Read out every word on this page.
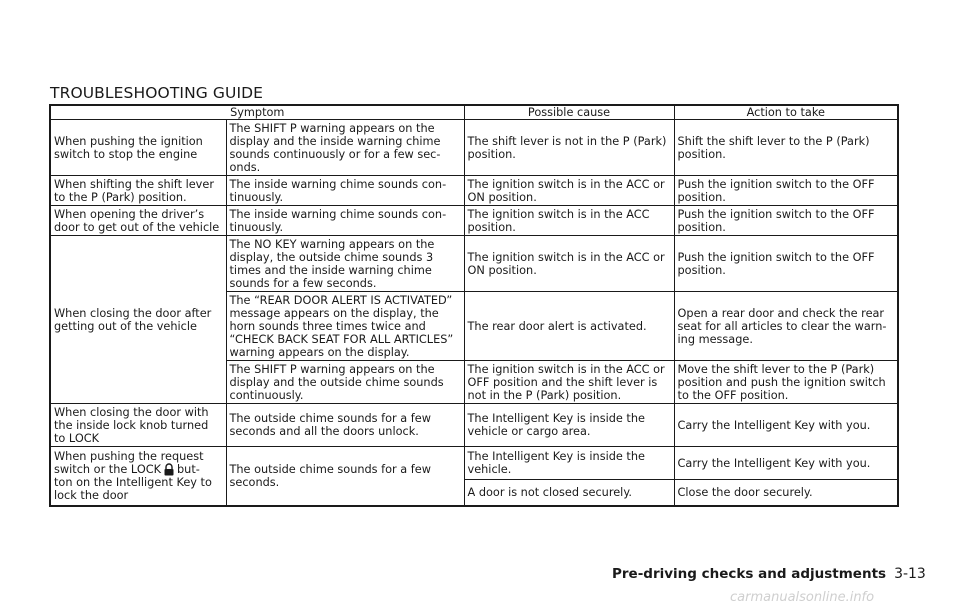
TROUBLESHOOTING GUIDE
Symptom		Possible cause	Action to take
When pushing the ignition
switch to stop the engine	The SHIFT P warning appears on the
display and the inside warning chime
sounds continuously or for a few sec-
onds.	The shift lever is not in the P (Park)
position.	Shift the shift lever to the P (Park)
position.
When shifting the shift lever
to the P (Park) position.	The inside warning chime sounds con-
tinuously.	The ignition switch is in the ACC or
ON position.	Push the ignition switch to the OFF
position.
When opening the driver’s
door to get out of the vehicle	The inside warning chime sounds con-
tinuously.	The ignition switch is in the ACC
position.	Push the ignition switch to the OFF
position.
When closing the door after
getting out of the vehicle	The NO KEY warning appears on the
display, the outside chime sounds 3
times and the inside warning chime
sounds for a few seconds.	The ignition switch is in the ACC or
ON position.	Push the ignition switch to the OFF
position.
	The “REAR DOOR ALERT IS ACTIVATED”
message appears on the display, the
horn sounds three times twice and
“CHECK BACK SEAT FOR ALL ARTICLES”
warning appears on the display.	The rear door alert is activated.	Open a rear door and check the rear
seat for all articles to clear the warn-
ing message.
	The SHIFT P warning appears on the
display and the outside chime sounds
continuously.	The ignition switch is in the ACC or
OFF position and the shift lever is
not in the P (Park) position.	Move the shift lever to the P (Park)
position and push the ignition switch
to the OFF position.
When closing the door with
the inside lock knob turned
to LOCK	The outside chime sounds for a few
seconds and all the doors unlock.	The Intelligent Key is inside the
vehicle or cargo area.	Carry the Intelligent Key with you.
When pushing the request
switch or the LOCK but-
ton on the Intelligent Key to
lock the door	The outside chime sounds for a few
seconds.	The Intelligent Key is inside the
vehicle.	Carry the Intelligent Key with you.
		A door is not closed securely.	Close the door securely.
Pre-driving checks and adjustments 3-13
carmanualsonline.info
